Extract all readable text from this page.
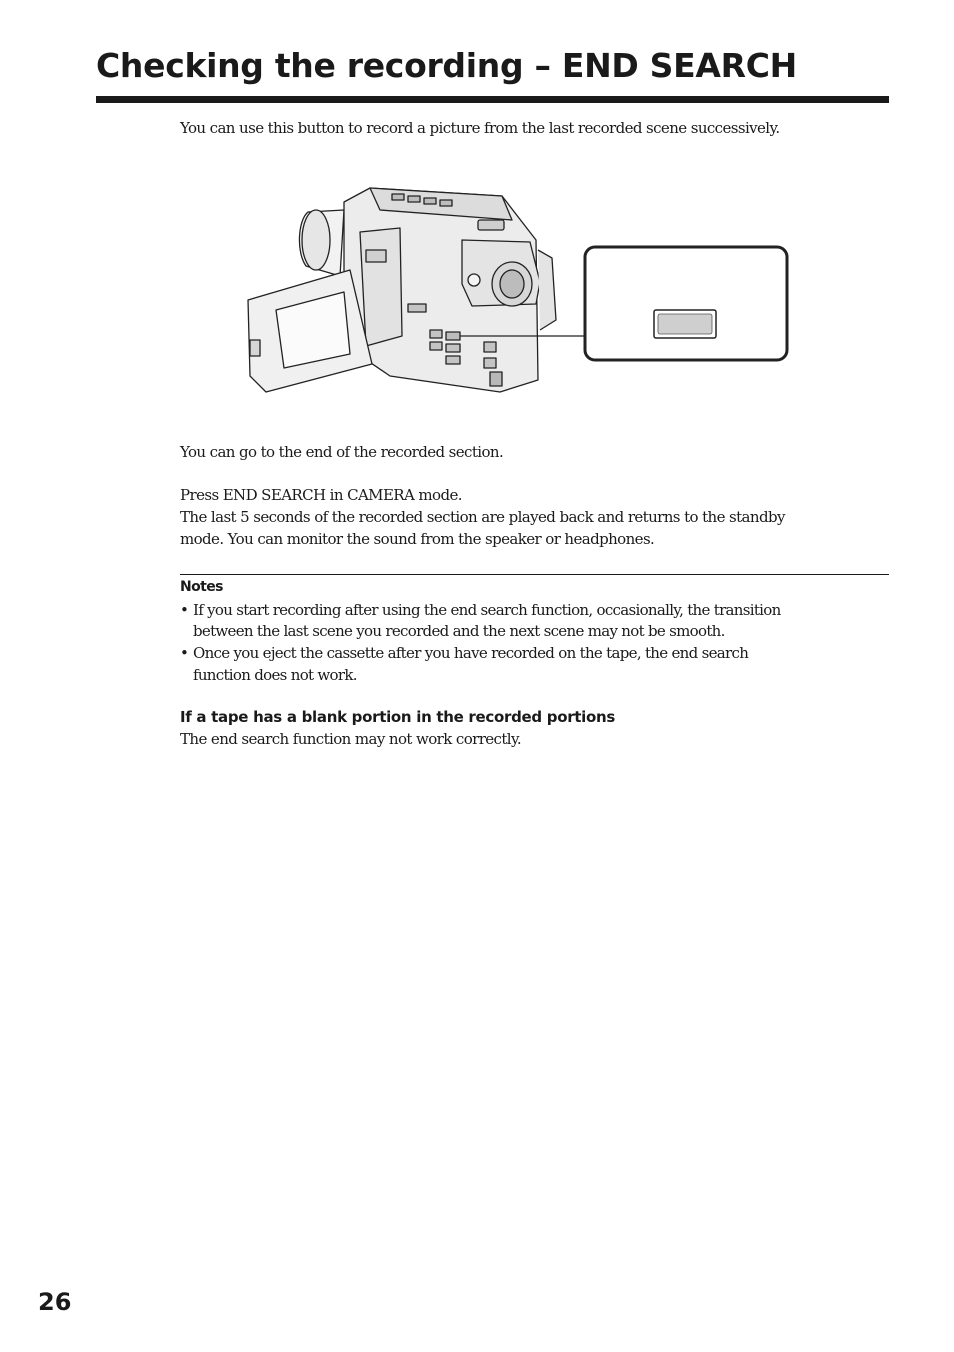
Checking the recording – END SEARCH

You can use this button to record a picture from the last recorded scene successively.

You can go to the end of the recorded section.

Press END SEARCH in CAMERA mode.

The last 5 seconds of the recorded section are played back and returns to the standby

mode. You can monitor the sound from the speaker or headphones.

Notes

• If you start recording after using the end search function, occasionally, the transition

between the last scene you recorded and the next scene may not be smooth.

• Once you eject the cassette after you have recorded on the tape, the end search

function does not work.

If a tape has a blank portion in the recorded portions

The end search function may not work correctly.

26
